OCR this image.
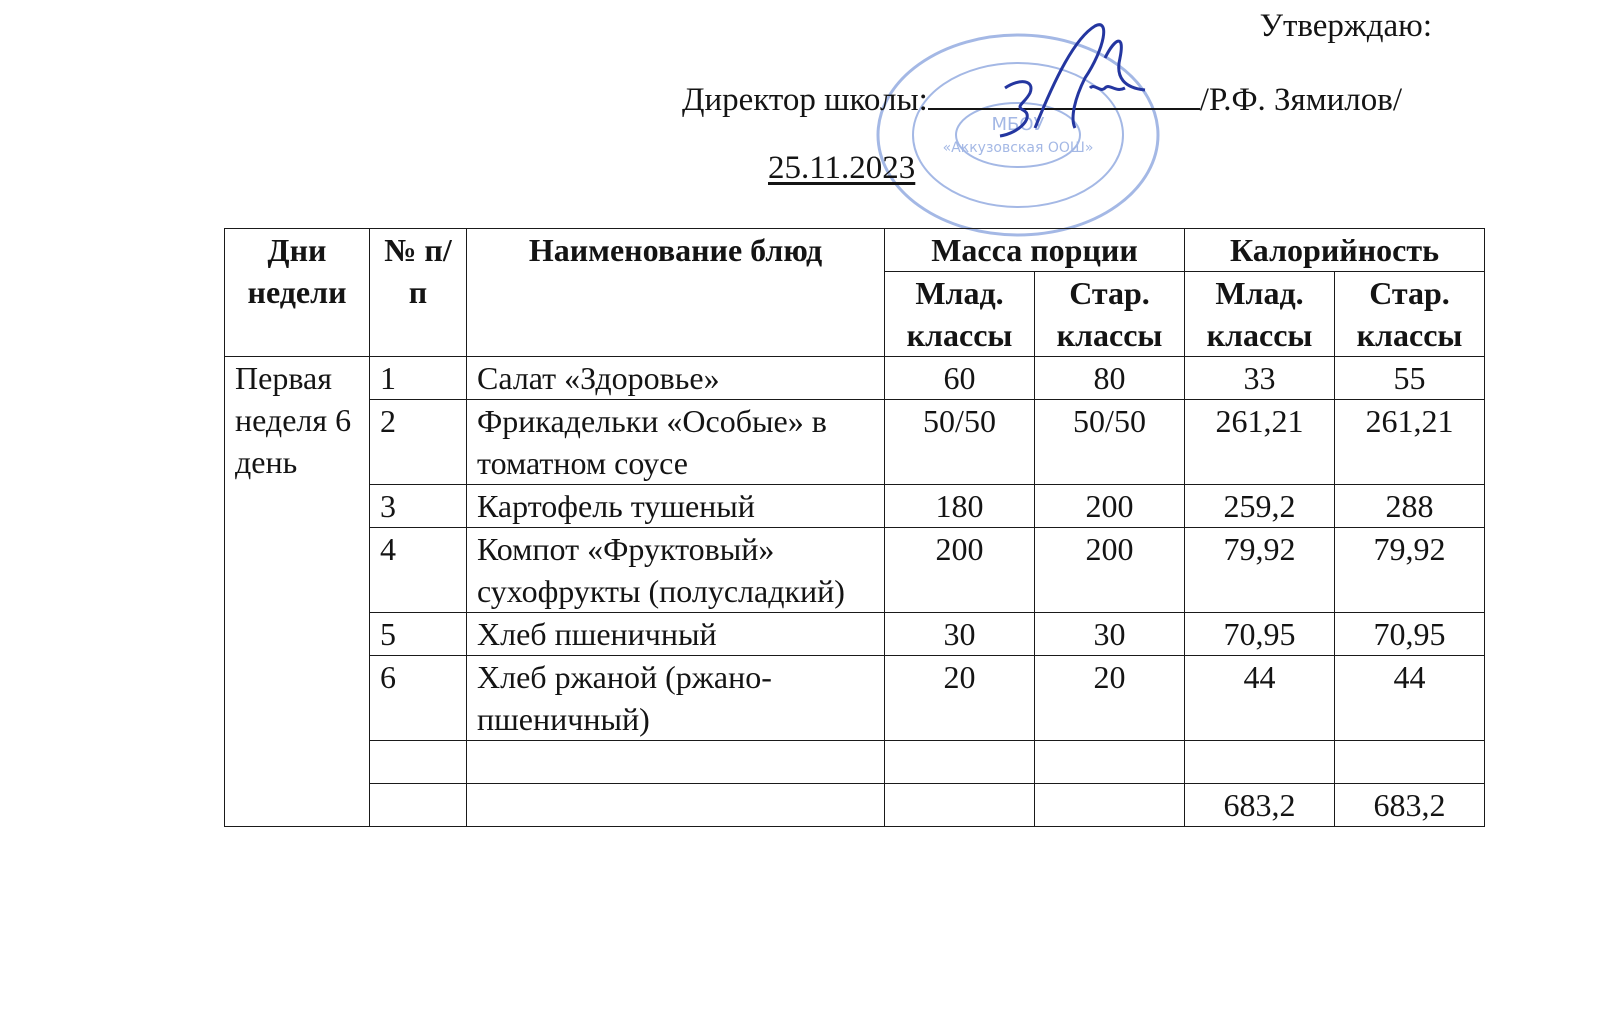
МБОУ
«Аккузовская ООШ»
Утверждаю:
Директор школы:	/Р.Ф. Зямилов/
25.11.2023
Дни недели	№ п/п	Наименование блюд	Масса порции		Калорийность	
			Млад. классы	Стар. классы	Млад. классы	Стар. классы
Первая неделя 6 день	1	Салат «Здоровье»	60	80	33	55
	2	Фрикадельки «Особые» в томатном соусе	50/50	50/50	261,21	261,21
	3	Картофель тушеный	180	200	259,2	288
	4	Компот «Фруктовый» сухофрукты (полусладкий)	200	200	79,92	79,92
	5	Хлеб пшеничный	30	30	70,95	70,95
	6	Хлеб ржаной (ржано-пшеничный)	20	20	44	44

					683,2	683,2
